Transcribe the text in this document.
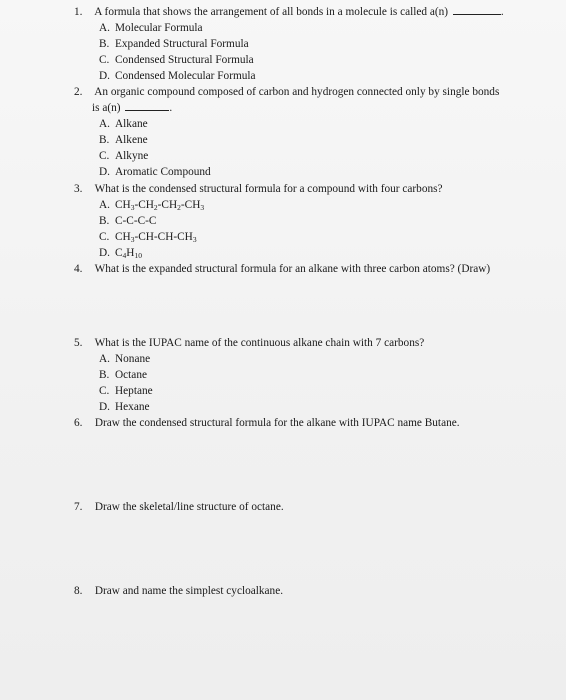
1. A formula that shows the arrangement of all bonds in a molecule is called a(n)	.
A. Molecular Formula
B. Expanded Structural Formula
C. Condensed Structural Formula
D. Condensed Molecular Formula
2. An organic compound composed of carbon and hydrogen connected only by single bonds
is a(n)	.
A. Alkane
B. Alkene
C. Alkyne
D. Aromatic Compound
3. What is the condensed structural formula for a compound with four carbons?
A. $CH_3-CH_2-CH_2-CH_3$
B. C-C-C-C
C. $CH_3-CH-CH-CH_3$
D. $C_4H_{10}$
4. What is the expanded structural formula for an alkane with three carbon atoms? (Draw)
5. What is the IUPAC name of the continuous alkane chain with 7 carbons?
A. Nonane
B. Octane
C. Heptane
D. Hexane
6. Draw the condensed structural formula for the alkane with IUPAC name Butane.
7. Draw the skeletal/line structure of octane.
8. Draw and name the simplest cycloalkane.
